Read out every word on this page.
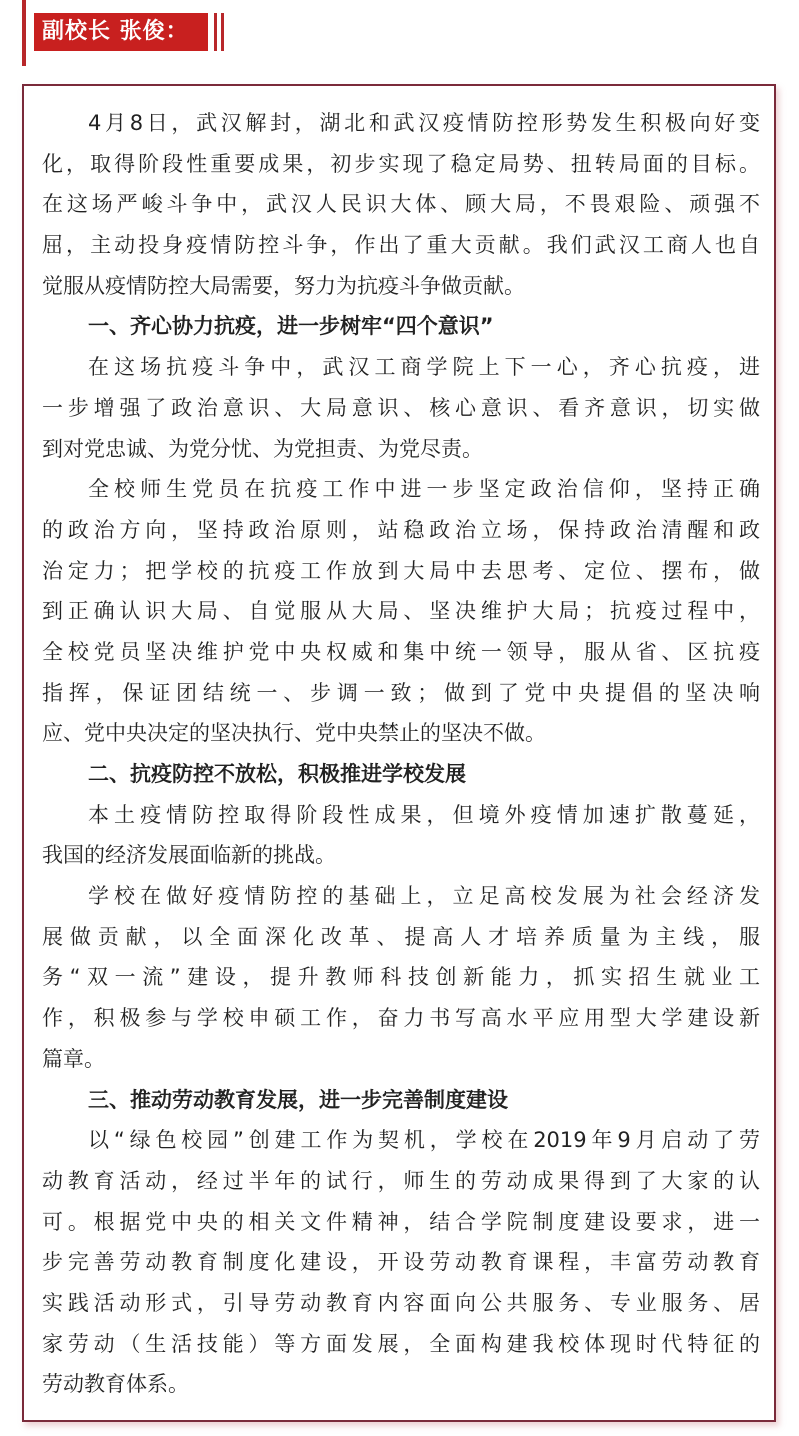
副校长 张俊：
4月8日，武汉解封，湖北和武汉疫情防控形势发生积极向好变
化，取得阶段性重要成果，初步实现了稳定局势、扭转局面的目标。
在这场严峻斗争中，武汉人民识大体、顾大局，不畏艰险、顽强不
屈，主动投身疫情防控斗争，作出了重大贡献。我们武汉工商人也自
觉服从疫情防控大局需要，努力为抗疫斗争做贡献。
一、齐心协力抗疫，进一步树牢“四个意识”
在这场抗疫斗争中，武汉工商学院上下一心，齐心抗疫，进
一步增强了政治意识、大局意识、核心意识、看齐意识，切实做
到对党忠诚、为党分忧、为党担责、为党尽责。
全校师生党员在抗疫工作中进一步坚定政治信仰，坚持正确
的政治方向，坚持政治原则，站稳政治立场，保持政治清醒和政
治定力；把学校的抗疫工作放到大局中去思考、定位、摆布，做
到正确认识大局、自觉服从大局、坚决维护大局；抗疫过程中，
全校党员坚决维护党中央权威和集中统一领导，服从省、区抗疫
指挥，保证团结统一、步调一致；做到了党中央提倡的坚决响
应、党中央决定的坚决执行、党中央禁止的坚决不做。
二、抗疫防控不放松，积极推进学校发展
本土疫情防控取得阶段性成果，但境外疫情加速扩散蔓延，
我国的经济发展面临新的挑战。
学校在做好疫情防控的基础上，立足高校发展为社会经济发
展做贡献，以全面深化改革、提高人才培养质量为主线，服
务“双一流”建设，提升教师科技创新能力，抓实招生就业工
作，积极参与学校申硕工作，奋力书写高水平应用型大学建设新
篇章。
三、推动劳动教育发展，进一步完善制度建设
以“绿色校园”创建工作为契机，学校在2019年9月启动了劳
动教育活动，经过半年的试行，师生的劳动成果得到了大家的认
可。根据党中央的相关文件精神，结合学院制度建设要求，进一
步完善劳动教育制度化建设，开设劳动教育课程，丰富劳动教育
实践活动形式，引导劳动教育内容面向公共服务、专业服务、居
家劳动（生活技能）等方面发展，全面构建我校体现时代特征的
劳动教育体系。
